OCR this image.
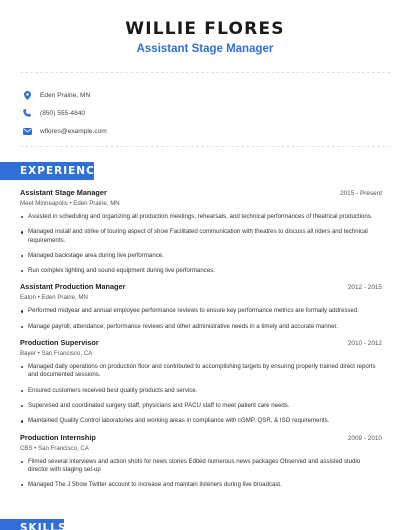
WILLIE FLORES
Assistant Stage Manager
Eden Prairie, MN
(850) 555-4840
wflores@example.com
EXPERIENCE
Assistant Stage Manager	2015 - Present
Meet Minneapolis • Eden Prairie, MN
Assisted in scheduling and organizing all production meetings, rehearsals, and technical performances of theatrical productions.
Managed install and strike of touring aspect of show Facilitated communication with theatres to discuss all riders and technical requirements.
Managed backstage area during live performance.
Run complex lighting and sound equipment during live performances.
Assistant Production Manager	2012 - 2015
Eaton • Eden Prairie, MN
Performed midyear and annual employee performance reviews to ensure key performance metrics are formally addressed.
Manage payroll, attendance, performance reviews and other administrative needs in a timely and accurate manner.
Production Supervisor	2010 - 2012
Bayer • San Francisco, CA
Managed daily operations on production floor and contributed to accomplishing targets by ensuring properly trained direct reports and documented sessions.
Ensured customers received best quality products and service.
Supervised and coordinated surgery staff, physicians and PACU staff to meet patient care needs.
Maintained Quality Control laboratories and working areas in compliance with cGMP, QSR, & ISO requirements.
Production Internship	2009 - 2010
CBS • San Francisco, CA
Filmed several interviews and action shots for news stories Edited numerous news packages Observed and assisted studio director with staging set-up
Managed The J Show Twitter account to increase and maintain listeners during live broadcast.
SKILLS
